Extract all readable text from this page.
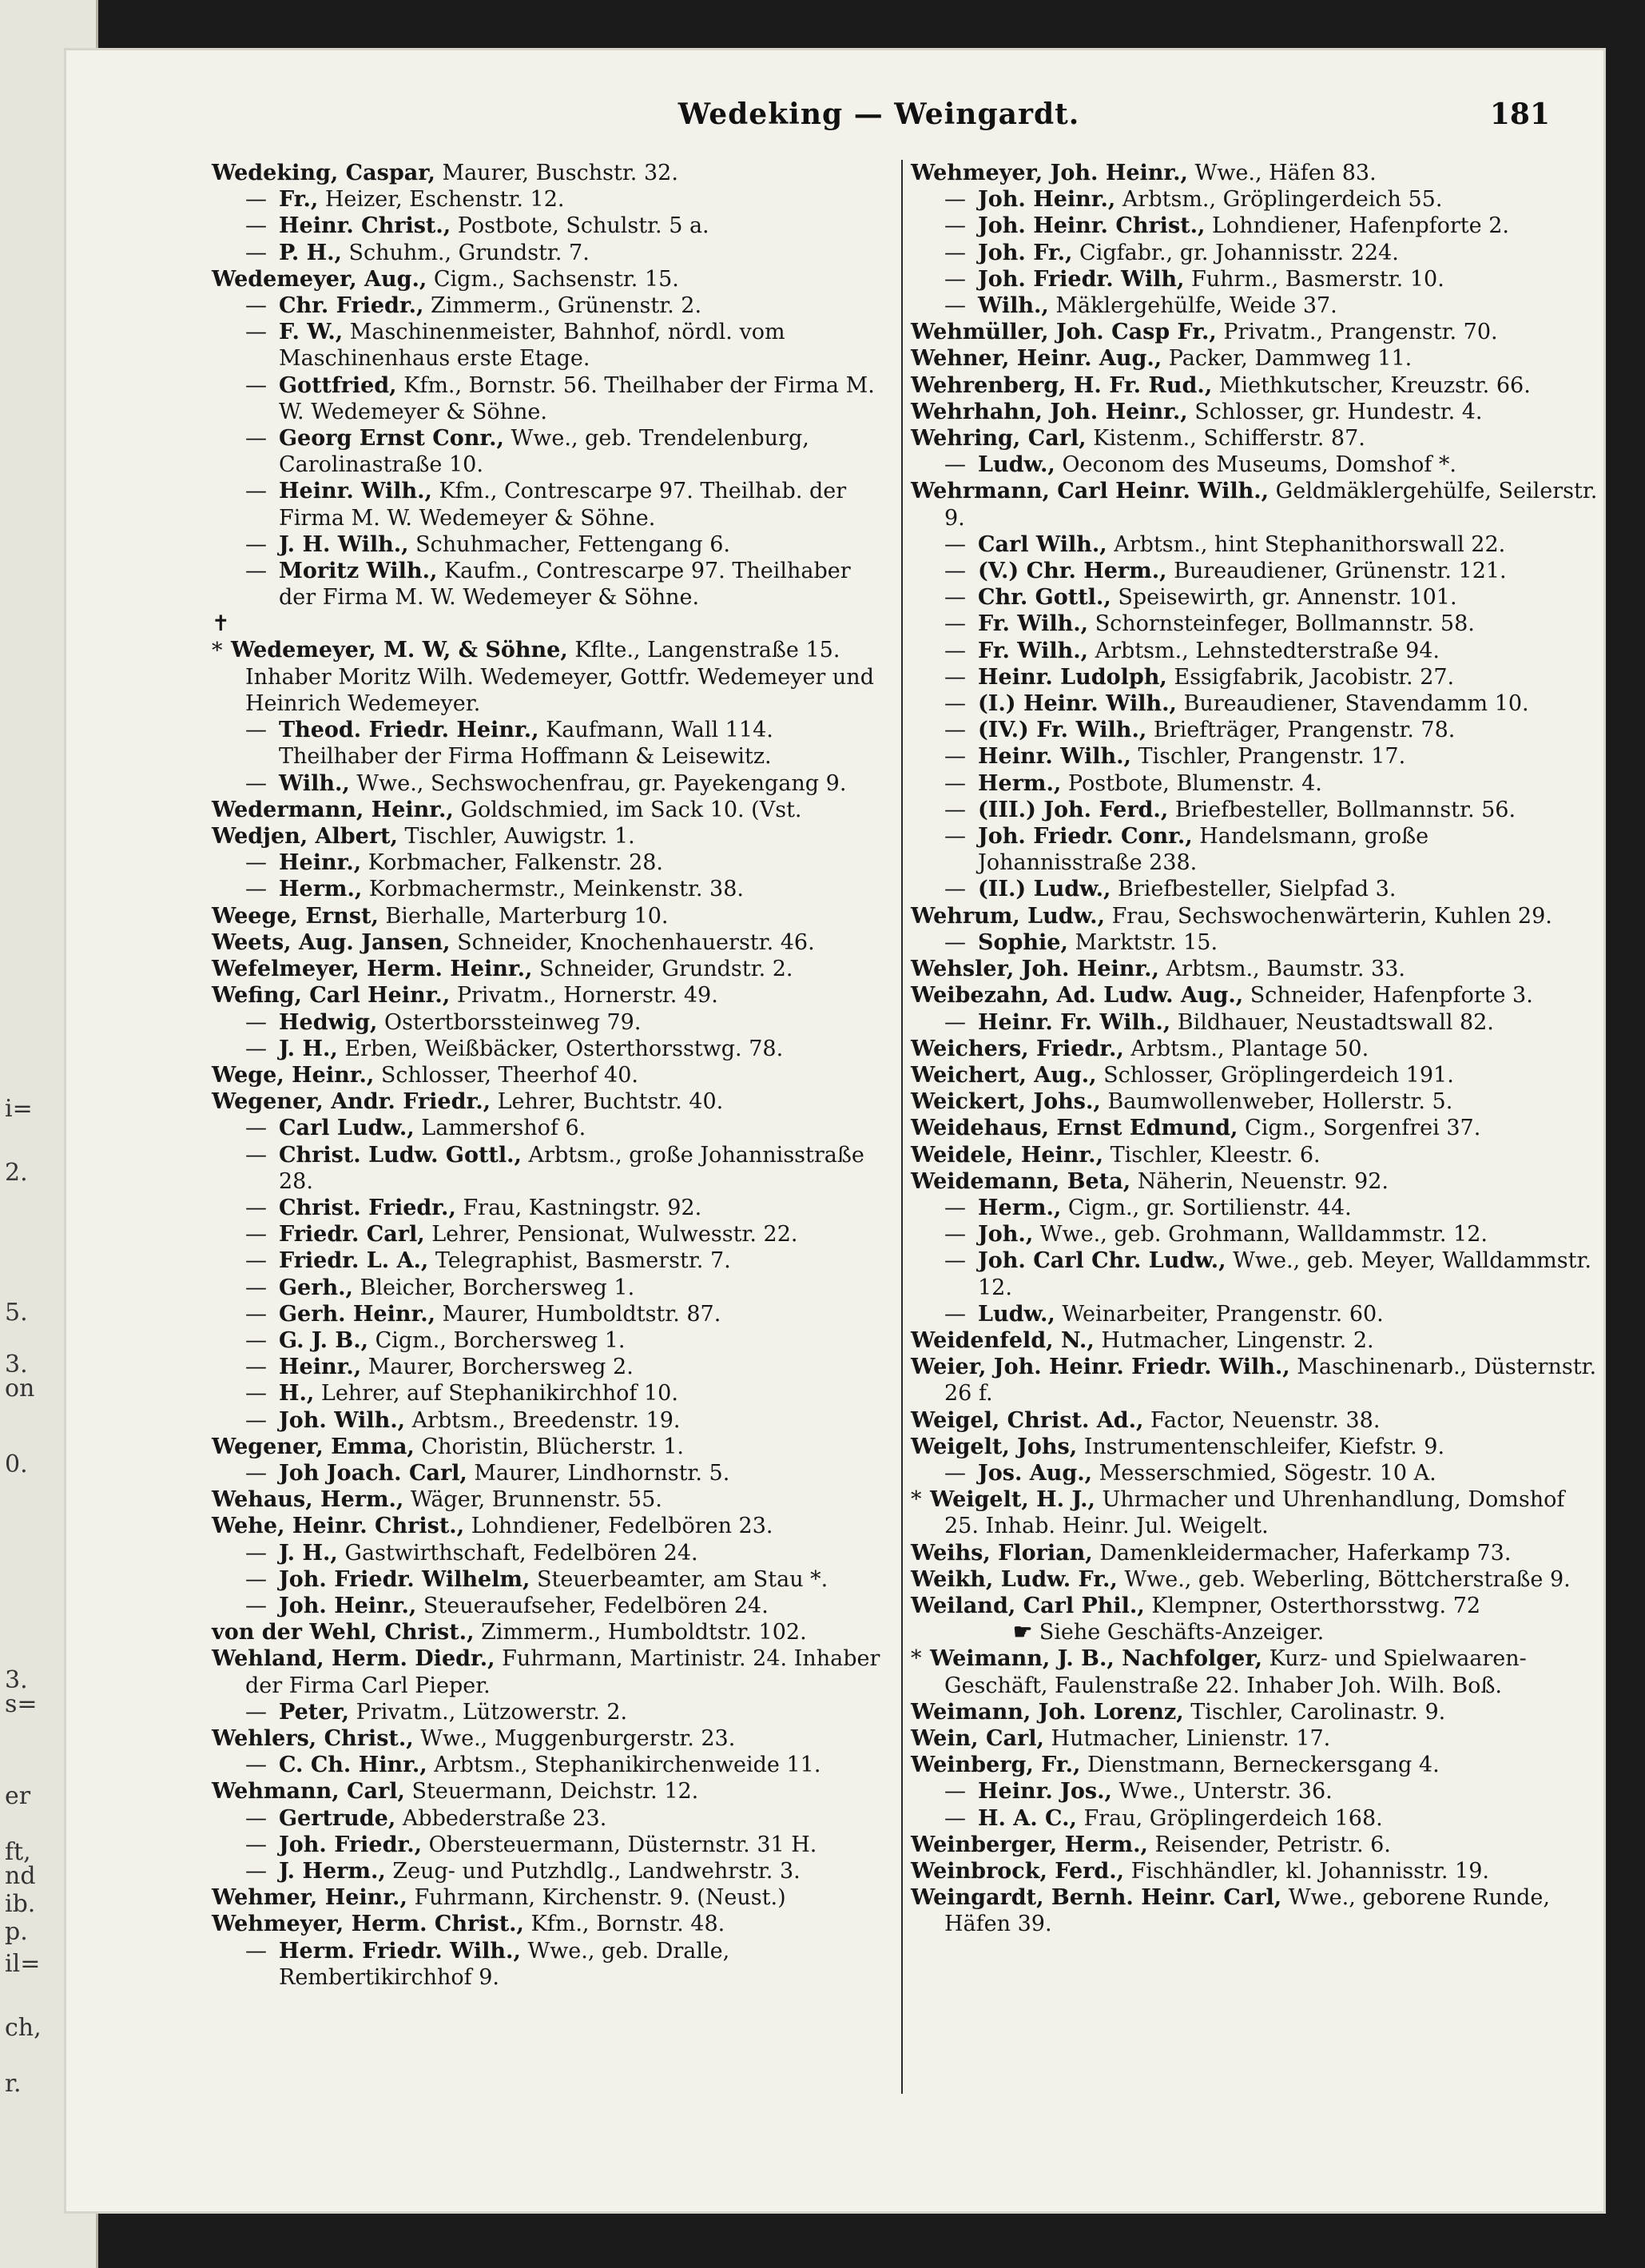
i=
2.
5.
3.
on
0.
3.
s=
er
ft,
nd
ib.
p.
il=
ch,
r.
Wedeking — Weingardt.	181

Wedeking, Caspar, Maurer, Buschstr. 32.

— Fr., Heizer, Eschenstr. 12.

— Heinr. Christ., Postbote, Schulstr. 5 a.

— P. H., Schuhm., Grundstr. 7.

Wedemeyer, Aug., Cigm., Sachsenstr. 15.

— Chr. Friedr., Zimmerm., Grünenstr. 2.

— F. W., Maschinenmeister, Bahnhof, nördl. vom Maschinenhaus erste Etage.

— Gottfried, Kfm., Bornstr. 56. Theilhaber der Firma M. W. Wedemeyer & Söhne.

— Georg Ernst Conr., Wwe., geb. Trendelenburg, Carolinastraße 10.

— Heinr. Wilh., Kfm., Contrescarpe 97. Theilhab. der Firma M. W. Wedemeyer & Söhne.

— J. H. Wilh., Schuhmacher, Fettengang 6.

— Moritz Wilh., Kaufm., Contrescarpe 97. Theilhaber der Firma M. W. Wedemeyer & Söhne.

✝ * Wedemeyer, M. W, & Söhne, Kflte., Langenstraße 15. Inhaber Moritz Wilh. Wedemeyer, Gottfr. Wedemeyer und Heinrich Wedemeyer.

— Theod. Friedr. Heinr., Kaufmann, Wall 114. Theilhaber der Firma Hoffmann & Leisewitz.

— Wilh., Wwe., Sechswochenfrau, gr. Payekengang 9.

Wedermann, Heinr., Goldschmied, im Sack 10. (Vst.

Wedjen, Albert, Tischler, Auwigstr. 1.

— Heinr., Korbmacher, Falkenstr. 28.

— Herm., Korbmachermstr., Meinkenstr. 38.

Weege, Ernst, Bierhalle, Marterburg 10.

Weets, Aug. Jansen, Schneider, Knochenhauerstr. 46.

Wefelmeyer, Herm. Heinr., Schneider, Grundstr. 2.

Wefing, Carl Heinr., Privatm., Hornerstr. 49.

— Hedwig, Ostertborssteinweg 79.

— J. H., Erben, Weißbäcker, Osterthorsstwg. 78.

Wege, Heinr., Schlosser, Theerhof 40.

Wegener, Andr. Friedr., Lehrer, Buchtstr. 40.

— Carl Ludw., Lammershof 6.

— Christ. Ludw. Gottl., Arbtsm., große Johannisstraße 28.

— Christ. Friedr., Frau, Kastningstr. 92.

— Friedr. Carl, Lehrer, Pensionat, Wulwesstr. 22.

— Friedr. L. A., Telegraphist, Basmerstr. 7.

— Gerh., Bleicher, Borchersweg 1.

— Gerh. Heinr., Maurer, Humboldtstr. 87.

— G. J. B., Cigm., Borchersweg 1.

— Heinr., Maurer, Borchersweg 2.

— H., Lehrer, auf Stephanikirchhof 10.

— Joh. Wilh., Arbtsm., Breedenstr. 19.

Wegener, Emma, Choristin, Blücherstr. 1.

— Joh Joach. Carl, Maurer, Lindhornstr. 5.

Wehaus, Herm., Wäger, Brunnenstr. 55.

Wehe, Heinr. Christ., Lohndiener, Fedelbören 23.

— J. H., Gastwirthschaft, Fedelbören 24.

— Joh. Friedr. Wilhelm, Steuerbeamter, am Stau *.

— Joh. Heinr., Steueraufseher, Fedelbören 24.

von der Wehl, Christ., Zimmerm., Humboldtstr. 102.

Wehland, Herm. Diedr., Fuhrmann, Martinistr. 24. Inhaber der Firma Carl Pieper.

— Peter, Privatm., Lützowerstr. 2.

Wehlers, Christ., Wwe., Muggenburgerstr. 23.

— C. Ch. Hinr., Arbtsm., Stephanikirchenweide 11.

Wehmann, Carl, Steuermann, Deichstr. 12.

— Gertrude, Abbederstraße 23.

— Joh. Friedr., Obersteuermann, Düsternstr. 31 H.

— J. Herm., Zeug- und Putzhdlg., Landwehrstr. 3.

Wehmer, Heinr., Fuhrmann, Kirchenstr. 9. (Neust.)

Wehmeyer, Herm. Christ., Kfm., Bornstr. 48.

— Herm. Friedr. Wilh., Wwe., geb. Dralle, Rembertikirchhof 9.

Wehmeyer, Joh. Heinr., Wwe., Häfen 83.

— Joh. Heinr., Arbtsm., Gröplingerdeich 55.

— Joh. Heinr. Christ., Lohndiener, Hafenpforte 2.

— Joh. Fr., Cigfabr., gr. Johannisstr. 224.

— Joh. Friedr. Wilh, Fuhrm., Basmerstr. 10.

— Wilh., Mäklergehülfe, Weide 37.

Wehmüller, Joh. Casp Fr., Privatm., Prangenstr. 70.

Wehner, Heinr. Aug., Packer, Dammweg 11.

Wehrenberg, H. Fr. Rud., Miethkutscher, Kreuzstr. 66.

Wehrhahn, Joh. Heinr., Schlosser, gr. Hundestr. 4.

Wehring, Carl, Kistenm., Schifferstr. 87.

— Ludw., Oeconom des Museums, Domshof *.

Wehrmann, Carl Heinr. Wilh., Geldmäklergehülfe, Seilerstr. 9.

— Carl Wilh., Arbtsm., hint Stephanithorswall 22.

— (V.) Chr. Herm., Bureaudiener, Grünenstr. 121.

— Chr. Gottl., Speisewirth, gr. Annenstr. 101.

— Fr. Wilh., Schornsteinfeger, Bollmannstr. 58.

— Fr. Wilh., Arbtsm., Lehnstedterstraße 94.

— Heinr. Ludolph, Essigfabrik, Jacobistr. 27.

— (I.) Heinr. Wilh., Bureaudiener, Stavendamm 10.

— (IV.) Fr. Wilh., Briefträger, Prangenstr. 78.

— Heinr. Wilh., Tischler, Prangenstr. 17.

— Herm., Postbote, Blumenstr. 4.

— (III.) Joh. Ferd., Briefbesteller, Bollmannstr. 56.

— Joh. Friedr. Conr., Handelsmann, große Johannisstraße 238.

— (II.) Ludw., Briefbesteller, Sielpfad 3.

Wehrum, Ludw., Frau, Sechswochenwärterin, Kuhlen 29.

— Sophie, Marktstr. 15.

Wehsler, Joh. Heinr., Arbtsm., Baumstr. 33.

Weibezahn, Ad. Ludw. Aug., Schneider, Hafenpforte 3.

— Heinr. Fr. Wilh., Bildhauer, Neustadtswall 82.

Weichers, Friedr., Arbtsm., Plantage 50.

Weichert, Aug., Schlosser, Gröplingerdeich 191.

Weickert, Johs., Baumwollenweber, Hollerstr. 5.

Weidehaus, Ernst Edmund, Cigm., Sorgenfrei 37.

Weidele, Heinr., Tischler, Kleestr. 6.

Weidemann, Beta, Näherin, Neuenstr. 92.

— Herm., Cigm., gr. Sortilienstr. 44.

— Joh., Wwe., geb. Grohmann, Walldammstr. 12.

— Joh. Carl Chr. Ludw., Wwe., geb. Meyer, Walldammstr. 12.

— Ludw., Weinarbeiter, Prangenstr. 60.

Weidenfeld, N., Hutmacher, Lingenstr. 2.

Weier, Joh. Heinr. Friedr. Wilh., Maschinenarb., Düsternstr. 26 f.

Weigel, Christ. Ad., Factor, Neuenstr. 38.

Weigelt, Johs, Instrumentenschleifer, Kiefstr. 9.

— Jos. Aug., Messerschmied, Sögestr. 10 A.

* Weigelt, H. J., Uhrmacher und Uhrenhandlung, Domshof 25. Inhab. Heinr. Jul. Weigelt.

Weihs, Florian, Damenkleidermacher, Haferkamp 73.

Weikh, Ludw. Fr., Wwe., geb. Weberling, Böttcherstraße 9.

Weiland, Carl Phil., Klempner, Osterthorsstwg. 72

☛ Siehe Geschäfts-Anzeiger.

* Weimann, J. B., Nachfolger, Kurz- und Spielwaaren-Geschäft, Faulenstraße 22. Inhaber Joh. Wilh. Boß.

Weimann, Joh. Lorenz, Tischler, Carolinastr. 9.

Wein, Carl, Hutmacher, Linienstr. 17.

Weinberg, Fr., Dienstmann, Berneckersgang 4.

— Heinr. Jos., Wwe., Unterstr. 36.

— H. A. C., Frau, Gröplingerdeich 168.

Weinberger, Herm., Reisender, Petristr. 6.

Weinbrock, Ferd., Fischhändler, kl. Johannisstr. 19.

Weingardt, Bernh. Heinr. Carl, Wwe., geborene Runde, Häfen 39.
